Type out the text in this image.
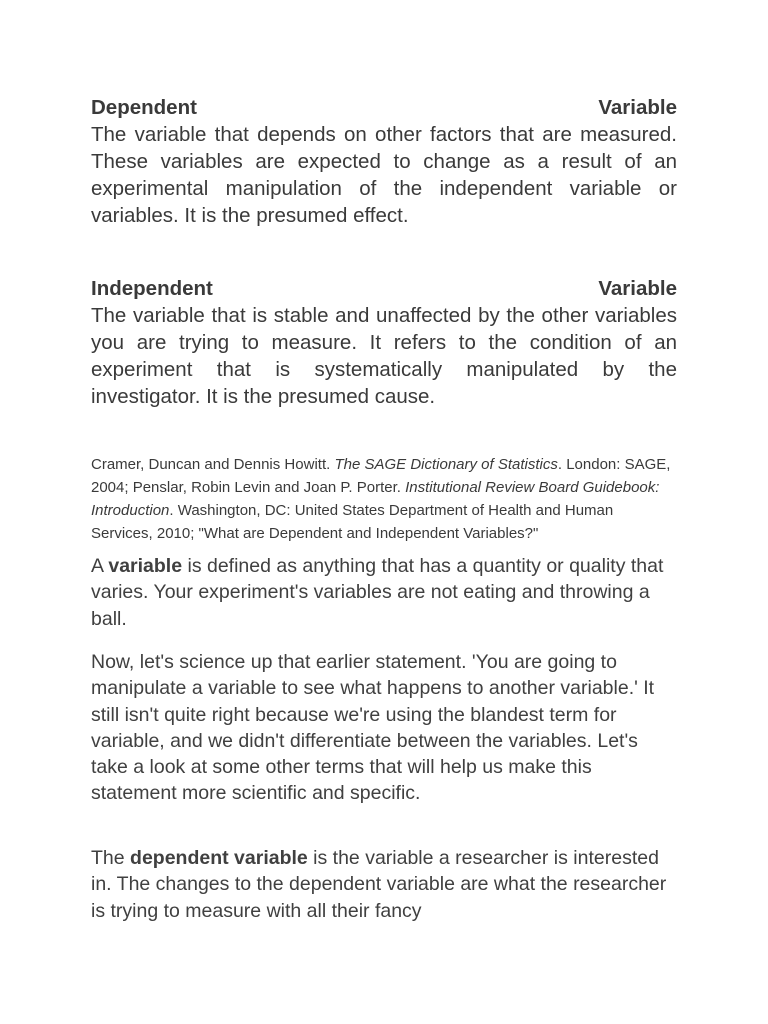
Dependent	Variable
The variable that depends on other factors that are measured. These variables are expected to change as a result of an experimental manipulation of the independent variable or variables. It is the presumed effect.
Independent	Variable
The variable that is stable and unaffected by the other variables you are trying to measure. It refers to the condition of an experiment that is systematically manipulated by the investigator. It is the presumed cause.
Cramer, Duncan and Dennis Howitt. The SAGE Dictionary of Statistics. London: SAGE, 2004; Penslar, Robin Levin and Joan P. Porter. Institutional Review Board Guidebook: Introduction. Washington, DC: United States Department of Health and Human Services, 2010; "What are Dependent and Independent Variables?"
A variable is defined as anything that has a quantity or quality that varies. Your experiment's variables are not eating and throwing a ball.
Now, let's science up that earlier statement. 'You are going to manipulate a variable to see what happens to another variable.' It still isn't quite right because we're using the blandest term for variable, and we didn't differentiate between the variables. Let's take a look at some other terms that will help us make this statement more scientific and specific.
The dependent variable is the variable a researcher is interested in. The changes to the dependent variable are what the researcher is trying to measure with all their fancy
